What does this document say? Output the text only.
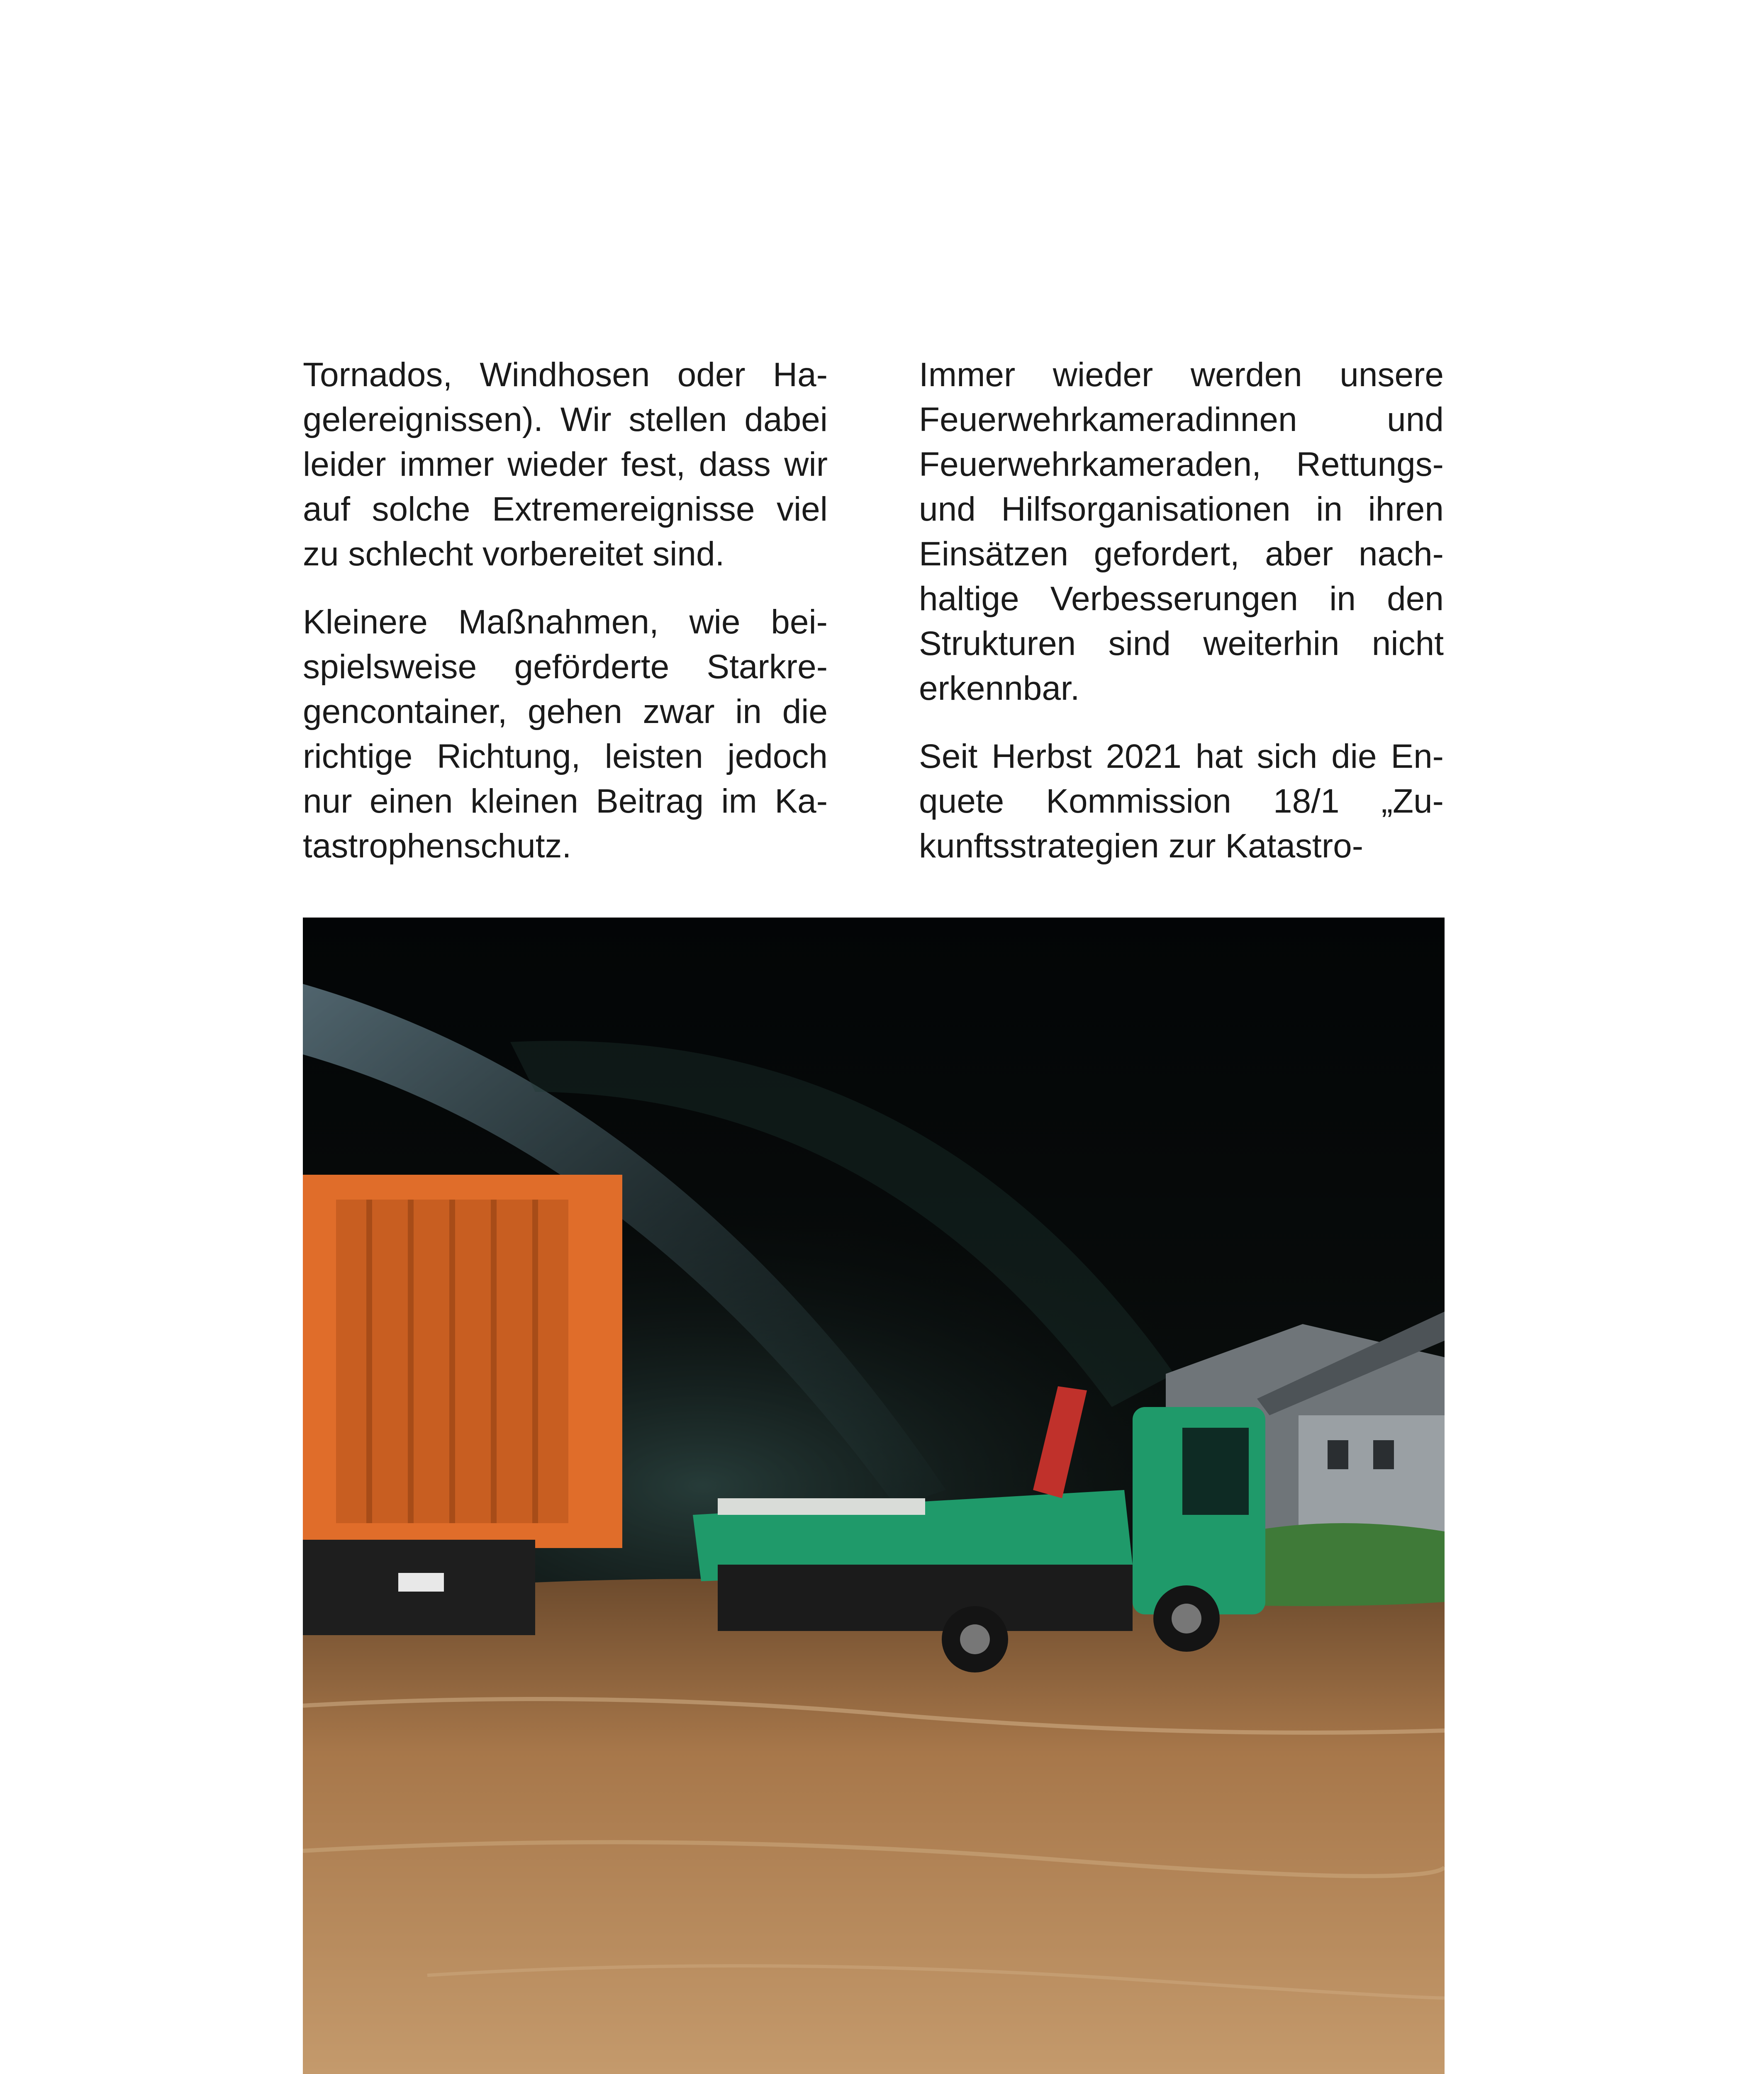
Tornados, Windhosen oder Ha-gelereignissen). Wir stellen dabei leider immer wieder fest, dass wir auf solche Extremereignisse viel zu schlecht vorbereitet sind.

Kleinere Maßnahmen, wie bei-spielsweise geförderte Starkre-gencontainer, gehen zwar in die richtige Richtung, leisten jedoch nur einen kleinen Beitrag im Ka-tastrophenschutz.

Immer wieder werden unsere Feuerwehrkameradinnen und Feuerwehrkameraden, Rettungs- und Hilfsorganisationen in ihren Einsätzen gefordert, aber nach-haltige Verbesserungen in den Strukturen sind weiterhin nicht erkennbar.

Seit Herbst 2021 hat sich die En-quete Kommission 18/1 „Zu-kunftsstrategien zur Katastro-
